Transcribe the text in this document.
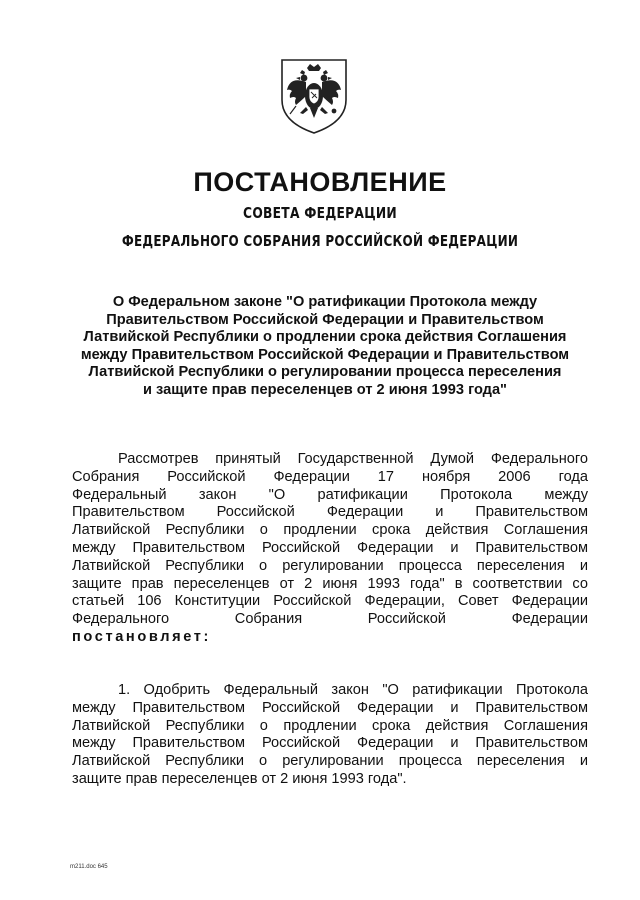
ПОСТАНОВЛЕНИЕ
СОВЕТА ФЕДЕРАЦИИ
ФЕДЕРАЛЬНОГО СОБРАНИЯ РОССИЙСКОЙ ФЕДЕРАЦИИ
О Федеральном законе "О ратификации Протокола между
Правительством Российской Федерации и Правительством
Латвийской Республики о продлении срока действия Соглашения
между Правительством Российской Федерации и Правительством
Латвийской Республики о регулировании процесса переселения
и защите прав переселенцев от 2 июня 1993 года"
Рассмотрев принятый Государственной Думой Федерального
Собрания Российской Федерации 17 ноября 2006 года
Федеральный закон "О ратификации Протокола между
Правительством Российской Федерации и Правительством
Латвийской Республики о продлении срока действия Соглашения
между Правительством Российской Федерации и Правительством
Латвийской Республики о регулировании процесса переселения и
защите прав переселенцев от 2 июня 1993 года" в соответствии со
статьей 106 Конституции Российской Федерации, Совет Федерации
Федерального Собрания Российской Федерации
постановляет:
1. Одобрить Федеральный закон "О ратификации Протокола
между Правительством Российской Федерации и Правительством
Латвийской Республики о продлении срока действия Соглашения
между Правительством Российской Федерации и Правительством
Латвийской Республики о регулировании процесса переселения и
защите прав переселенцев от 2 июня 1993 года".
m211.doc 645
